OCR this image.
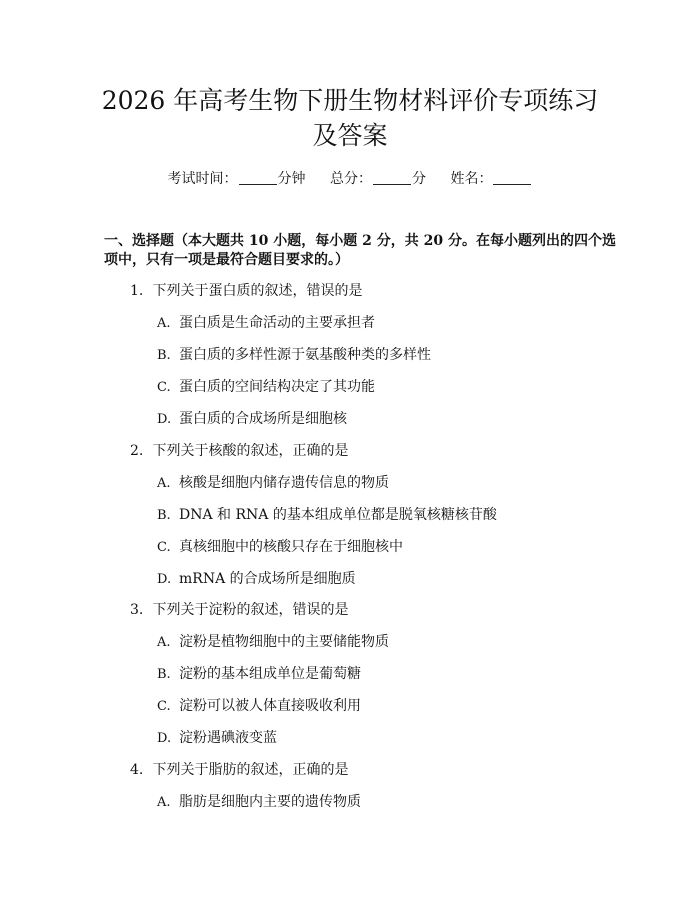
2026 年高考生物下册生物材料评价专项练习
及答案
考试时间：	分钟 总分：	分 姓名：
一、选择题（本大题共 10 小题，每小题 2 分，共 20 分。在每小题列出的四个选
项中，只有一项是最符合题目要求的。）
1. 下列关于蛋白质的叙述，错误的是
A. 蛋白质是生命活动的主要承担者
B. 蛋白质的多样性源于氨基酸种类的多样性
C. 蛋白质的空间结构决定了其功能
D. 蛋白质的合成场所是细胞核
2. 下列关于核酸的叙述，正确的是
A. 核酸是细胞内储存遗传信息的物质
B. DNA 和 RNA 的基本组成单位都是脱氧核糖核苷酸
C. 真核细胞中的核酸只存在于细胞核中
D. mRNA 的合成场所是细胞质
3. 下列关于淀粉的叙述，错误的是
A. 淀粉是植物细胞中的主要储能物质
B. 淀粉的基本组成单位是葡萄糖
C. 淀粉可以被人体直接吸收利用
D. 淀粉遇碘液变蓝
4. 下列关于脂肪的叙述，正确的是
A. 脂肪是细胞内主要的遗传物质
